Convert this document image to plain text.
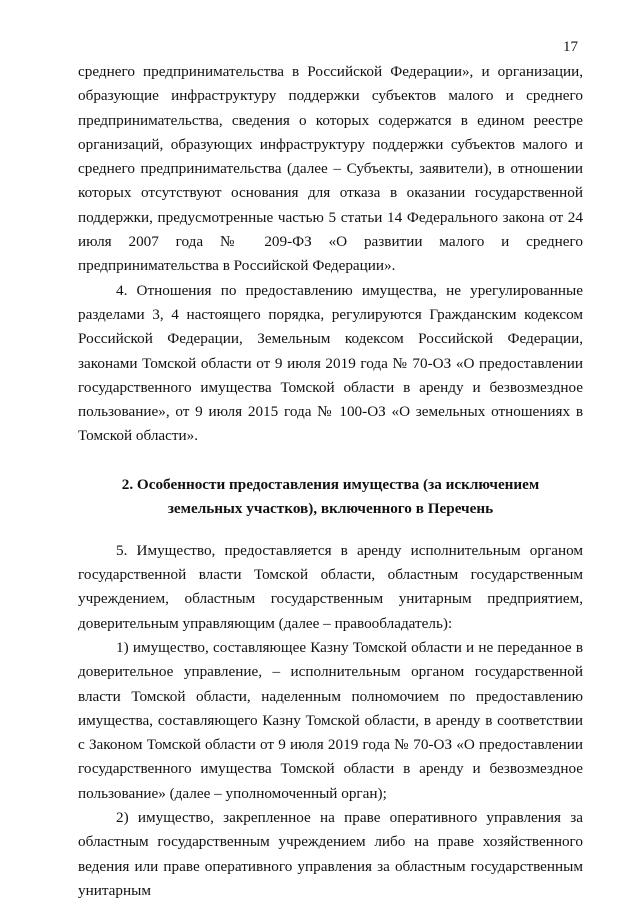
17

среднего предпринимательства в Российской Федерации», и организации, образующие инфраструктуру поддержки субъектов малого и среднего предпринимательства, сведения о которых содержатся в едином реестре организаций, образующих инфраструктуру поддержки субъектов малого и среднего предпринимательства (далее – Субъекты, заявители), в отношении которых отсутствуют основания для отказа в оказании государственной поддержки, предусмотренные частью 5 статьи 14 Федерального закона от 24 июля 2007 года № 209-ФЗ «О развитии малого и среднего предпринимательства в Российской Федерации».

4. Отношения по предоставлению имущества, не урегулированные разделами 3, 4 настоящего порядка, регулируются Гражданским кодексом Российской Федерации, Земельным кодексом Российской Федерации, законами Томской области от 9 июля 2019 года № 70-ОЗ «О предоставлении государственного имущества Томской области в аренду и безвозмездное пользование», от 9 июля 2015 года № 100-ОЗ «О земельных отношениях в Томской области».

2. Особенности предоставления имущества (за исключением земельных участков), включенного в Перечень

5. Имущество, предоставляется в аренду исполнительным органом государственной власти Томской области, областным государственным учреждением, областным государственным унитарным предприятием, доверительным управляющим (далее – правообладатель):

1) имущество, составляющее Казну Томской области и не переданное в доверительное управление, – исполнительным органом государственной власти Томской области, наделенным полномочием по предоставлению имущества, составляющего Казну Томской области, в аренду в соответствии с Законом Томской области от 9 июля 2019 года № 70-ОЗ «О предоставлении государственного имущества Томской области в аренду и безвозмездное пользование» (далее – уполномоченный орган);

2) имущество, закрепленное на праве оперативного управления за областным государственным учреждением либо на праве хозяйственного ведения или праве оперативного управления за областным государственным унитарным
